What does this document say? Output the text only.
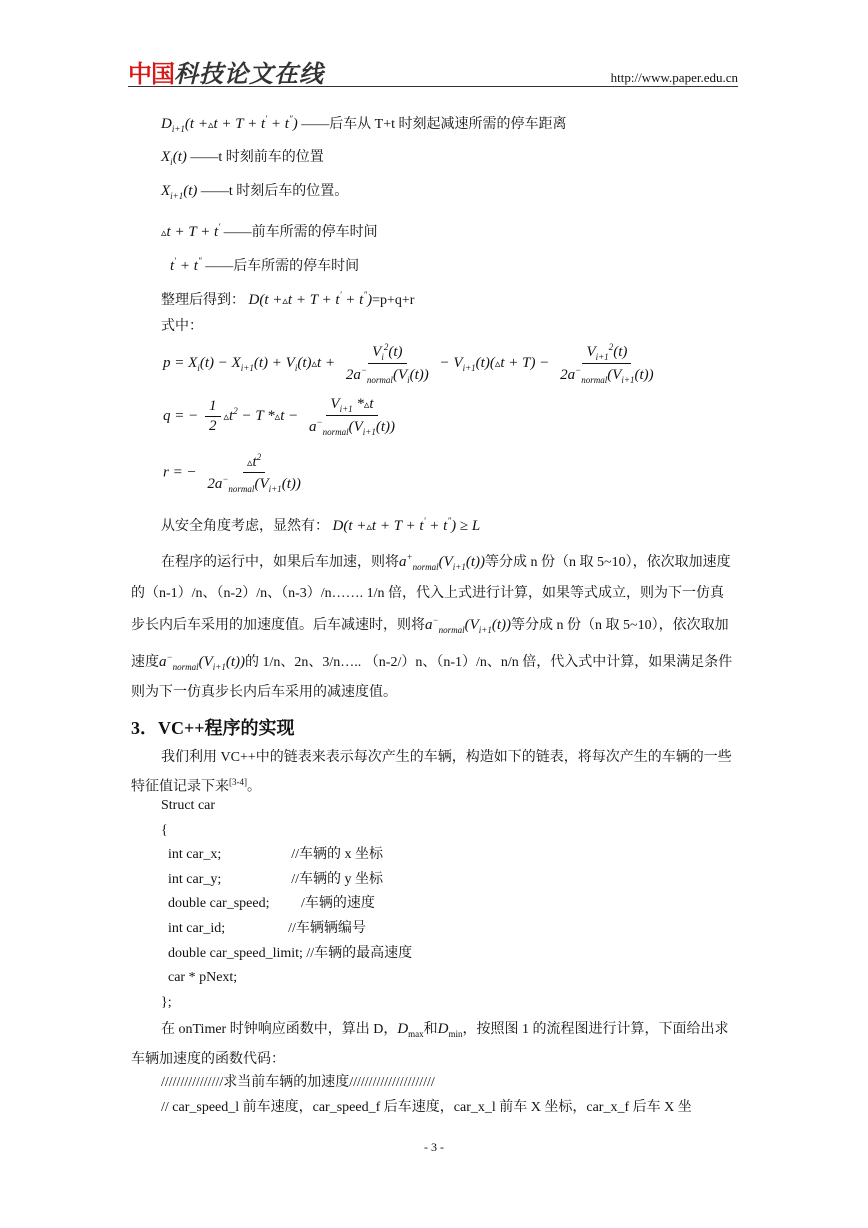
中国 科技论文在线	http://www.paper.edu.cn
$D_{i+1}(t$ +▵t + T + t' + t") ——后车从 T+t 时刻起减速所需的停车距离
$X_i(t)$ ——t 时刻前车的位置
$X_{i+1}(t)$ ——t 时刻后车的位置。
▵t + T + t' ——前车所需的停车时间
t' + t" ——后车所需的停车时间
整理后得到： D(t +▵t + T + t' + t")=p+q+r
式中：
$p = X_i(t) - X_{i+1}(t)$ + $V_i(t)▵t + \frac{V_i^2(t)}{2a^-_{normal}(V_i(t))}$ − $V_{i+1}(t)(▵t + T) - \frac{V_{i+1}^2(t)}{2a^-_{normal}(V_{i+1}(t))}$
q = − $\frac{1}{2}$ $▵t^2 - T$ *▵t − $\frac{V_{i+1} *▵t}{a^-_{normal}(V_{i+1}(t))}$
r = − $\frac{▵t^2}{2a^-_{normal}(V_{i+1}(t))}$
从安全角度考虑，显然有： D(t +▵t + T + t' + t") ≥ L
在程序的运行中，如果后车加速，则将$a^+_{normal}(V_{i+1}(t))$等分成 n 份（n 取 5~10），依次取加速度的（n-1）/n、（n-2）/n、（n-3）/n……. 1/n 倍，代入上式进行计算，如果等式成立，则为下一仿真步长内后车采用的加速度值。后车减速时，则将$a^-_{normal}(V_{i+1}(t))$等分成 n 份（n 取 5~10），依次取加速度$a^-_{normal}(V_{i+1}(t))$的 1/n、2n、3/n….. （n-2/）n、（n-1）/n、n/n 倍，代入式中计算，如果满足条件则为下一仿真步长内后车采用的减速度值。
3．VC++程序的实现
我们利用 VC++中的链表来表示每次产生的车辆，构造如下的链表，将每次产生的车辆的一些特征值记录下来[3-4]。
Struct car
{
int car_x;                    //车辆的 x 坐标
int car_y;                    //车辆的 y 坐标
double car_speed;         /车辆的速度
int car_id;                  //车辆辆编号
double car_speed_limit; //车辆的最高速度
car * pNext;
};
在 onTimer 时钟响应函数中，算出 D，$D_{max}$和$D_{min}$，按照图 1 的流程图进行计算，下面给出求车辆加速度的函数代码：
////////////////求当前车辆的加速度//////////////////////
// car_speed_l 前车速度，car_speed_f 后车速度，car_x_l 前车 X 坐标，car_x_f 后车 X 坐
- 3 -
